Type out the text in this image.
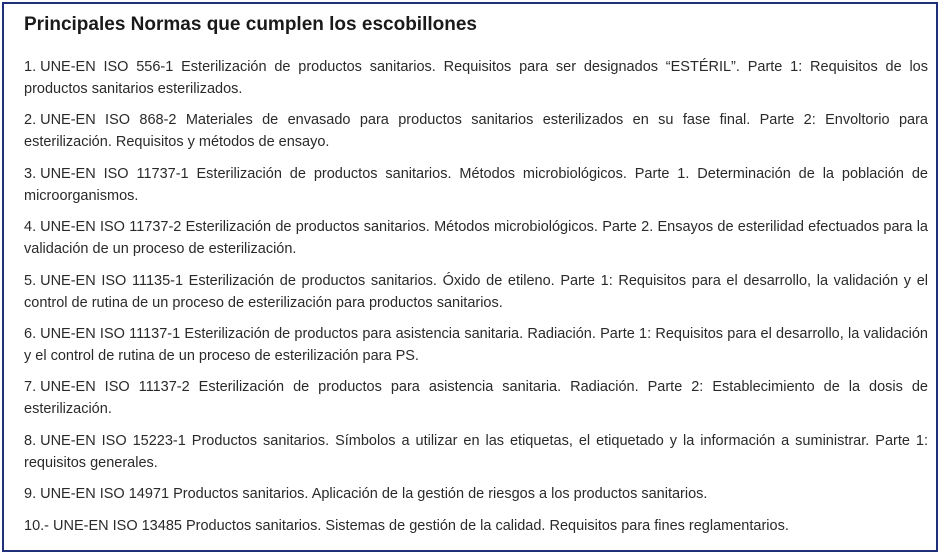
Principales Normas que cumplen los escobillones
1. UNE-EN ISO 556-1 Esterilización de productos sanitarios. Requisitos para ser designados “ESTÉRIL”. Parte 1: Requisitos de los productos sanitarios esterilizados.
2. UNE-EN ISO 868-2 Materiales de envasado para productos sanitarios esterilizados en su fase final. Parte 2: Envoltorio para esterilización. Requisitos y métodos de ensayo.
3. UNE-EN ISO 11737-1 Esterilización de productos sanitarios. Métodos microbiológicos. Parte 1. Determinación de la población de microorganismos.
4. UNE-EN ISO 11737-2 Esterilización de productos sanitarios. Métodos microbiológicos. Parte 2. Ensayos de esterilidad efectuados para la validación de un proceso de esterilización.
5. UNE-EN ISO 11135-1 Esterilización de productos sanitarios. Óxido de etileno. Parte 1: Requisitos para el desarrollo, la validación y el control de rutina de un proceso de esterilización para productos sanitarios.
6. UNE-EN ISO 11137-1 Esterilización de productos para asistencia sanitaria. Radiación. Parte 1: Requisitos para el desarrollo, la validación y el control de rutina de un proceso de esterilización para PS.
7. UNE-EN ISO 11137-2 Esterilización de productos para asistencia sanitaria. Radiación. Parte 2: Establecimiento de la dosis de esterilización.
8. UNE-EN ISO 15223-1 Productos sanitarios. Símbolos a utilizar en las etiquetas, el etiquetado y la información a suministrar. Parte 1: requisitos generales.
9. UNE-EN ISO 14971 Productos sanitarios. Aplicación de la gestión de riesgos a los productos sanitarios.
10.- UNE-EN ISO 13485 Productos sanitarios. Sistemas de gestión de la calidad. Requisitos para fines reglamentarios.
